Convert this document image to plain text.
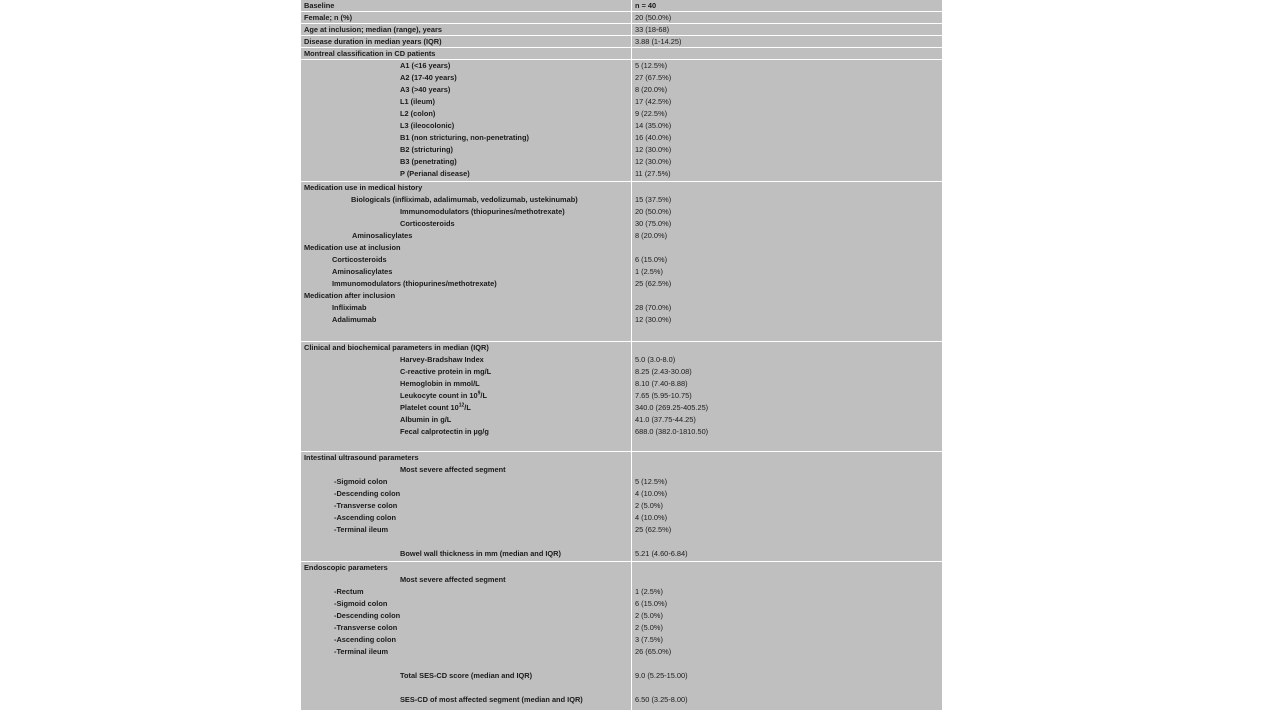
Baseline	n = 40
Female; n (%)	20 (50.0%)
Age at inclusion; median (range), years	33 (18-68)
Disease duration in median years (IQR)	3.88 (1-14.25)
Montreal classification in CD patients
A1 (<16 years)	5 (12.5%)
A2 (17-40 years)	27 (67.5%)
A3 (>40 years)	8 (20.0%)
L1 (ileum)	17 (42.5%)
L2 (colon)	9 (22.5%)
L3 (ileocolonic)	14 (35.0%)
B1 (non stricturing, non-penetrating)	16 (40.0%)
B2 (stricturing)	12 (30.0%)
B3 (penetrating)	12 (30.0%)
P (Perianal disease)	11 (27.5%)
Medication use in medical history
Biologicals (infliximab, adalimumab, vedolizumab, ustekinumab)	15 (37.5%)
Immunomodulators (thiopurines/methotrexate)	20 (50.0%)
Corticosteroids	30 (75.0%)
Aminosalicylates	8 (20.0%)
Medication use at inclusion
Corticosteroids	6 (15.0%)
Aminosalicylates	1 (2.5%)
Immunomodulators (thiopurines/methotrexate)	25 (62.5%)
Medication after inclusion
Infliximab	28 (70.0%)
Adalimumab	12 (30.0%)
Clinical and biochemical parameters in median (IQR)
Harvey-Bradshaw Index	5.0 (3.0-8.0)
C-reactive protein in mg/L	8.25 (2.43-30.08)
Hemoglobin in mmol/L	8.10 (7.40-8.88)
Leukocyte count in $10^9/L$	7.65 (5.95-10.75)
Platelet count $10^{12}/L$	340.0 (269.25-405.25)
Albumin in g/L	41.0 (37.75-44.25)
Fecal calprotectin in µg/g	688.0 (382.0-1810.50)
Intestinal ultrasound parameters
Most severe affected segment
-Sigmoid colon	5 (12.5%)
-Descending colon	4 (10.0%)
-Transverse colon	2 (5.0%)
-Ascending colon	4 (10.0%)
-Terminal ileum	25 (62.5%)
Bowel wall thickness in mm (median and IQR)	5.21 (4.60-6.84)
Endoscopic parameters
Most severe affected segment
-Rectum	1 (2.5%)
-Sigmoid colon	6 (15.0%)
-Descending colon	2 (5.0%)
-Transverse colon	2 (5.0%)
-Ascending colon	3 (7.5%)
-Terminal ileum	26 (65.0%)
Total SES-CD score (median and IQR)	9.0 (5.25-15.00)
SES-CD of most affected segment (median and IQR)	6.50 (3.25-8.00)
